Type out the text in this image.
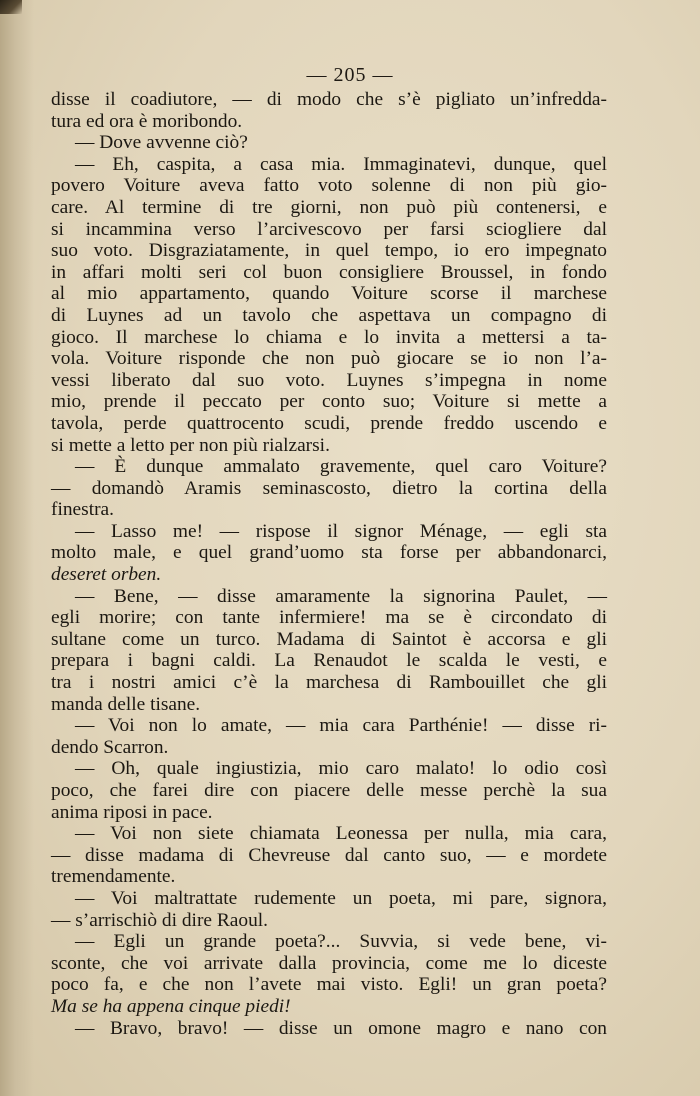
— 205 —
disse il coadiutore, — di modo che s’è pigliato un’infredda-
tura ed ora è moribondo.
— Dove avvenne ciò?
— Eh, caspita, a casa mia. Immaginatevi, dunque, quel
povero Voiture aveva fatto voto solenne di non più gio-
care. Al termine di tre giorni, non può più contenersi, e
si incammina verso l’arcivescovo per farsi sciogliere dal
suo voto. Disgraziatamente, in quel tempo, io ero impegnato
in affari molti seri col buon consigliere Broussel, in fondo
al mio appartamento, quando Voiture scorse il marchese
di Luynes ad un tavolo che aspettava un compagno di
gioco. Il marchese lo chiama e lo invita a mettersi a ta-
vola. Voiture risponde che non può giocare se io non l’a-
vessi liberato dal suo voto. Luynes s’impegna in nome
mio, prende il peccato per conto suo; Voiture si mette a
tavola, perde quattrocento scudi, prende freddo uscendo e
si mette a letto per non più rialzarsi.
— È dunque ammalato gravemente, quel caro Voiture?
— domandò Aramis seminascosto, dietro la cortina della
finestra.
— Lasso me! — rispose il signor Ménage, — egli sta
molto male, e quel grand’uomo sta forse per abbandonarci,
deseret orben.
— Bene, — disse amaramente la signorina Paulet, —
egli morire; con tante infermiere! ma se è circondato di
sultane come un turco. Madama di Saintot è accorsa e gli
prepara i bagni caldi. La Renaudot le scalda le vesti, e
tra i nostri amici c’è la marchesa di Rambouillet che gli
manda delle tisane.
— Voi non lo amate, — mia cara Parthénie! — disse ri-
dendo Scarron.
— Oh, quale ingiustizia, mio caro malato! lo odio così
poco, che farei dire con piacere delle messe perchè la sua
anima riposi in pace.
— Voi non siete chiamata Leonessa per nulla, mia cara,
— disse madama di Chevreuse dal canto suo, — e mordete
tremendamente.
— Voi maltrattate rudemente un poeta, mi pare, signora,
— s’arrischiò di dire Raoul.
— Egli un grande poeta?... Suvvia, si vede bene, vi-
sconte, che voi arrivate dalla provincia, come me lo diceste
poco fa, e che non l’avete mai visto. Egli! un gran poeta?
Ma se ha appena cinque piedi!
— Bravo, bravo! — disse un omone magro e nano con
